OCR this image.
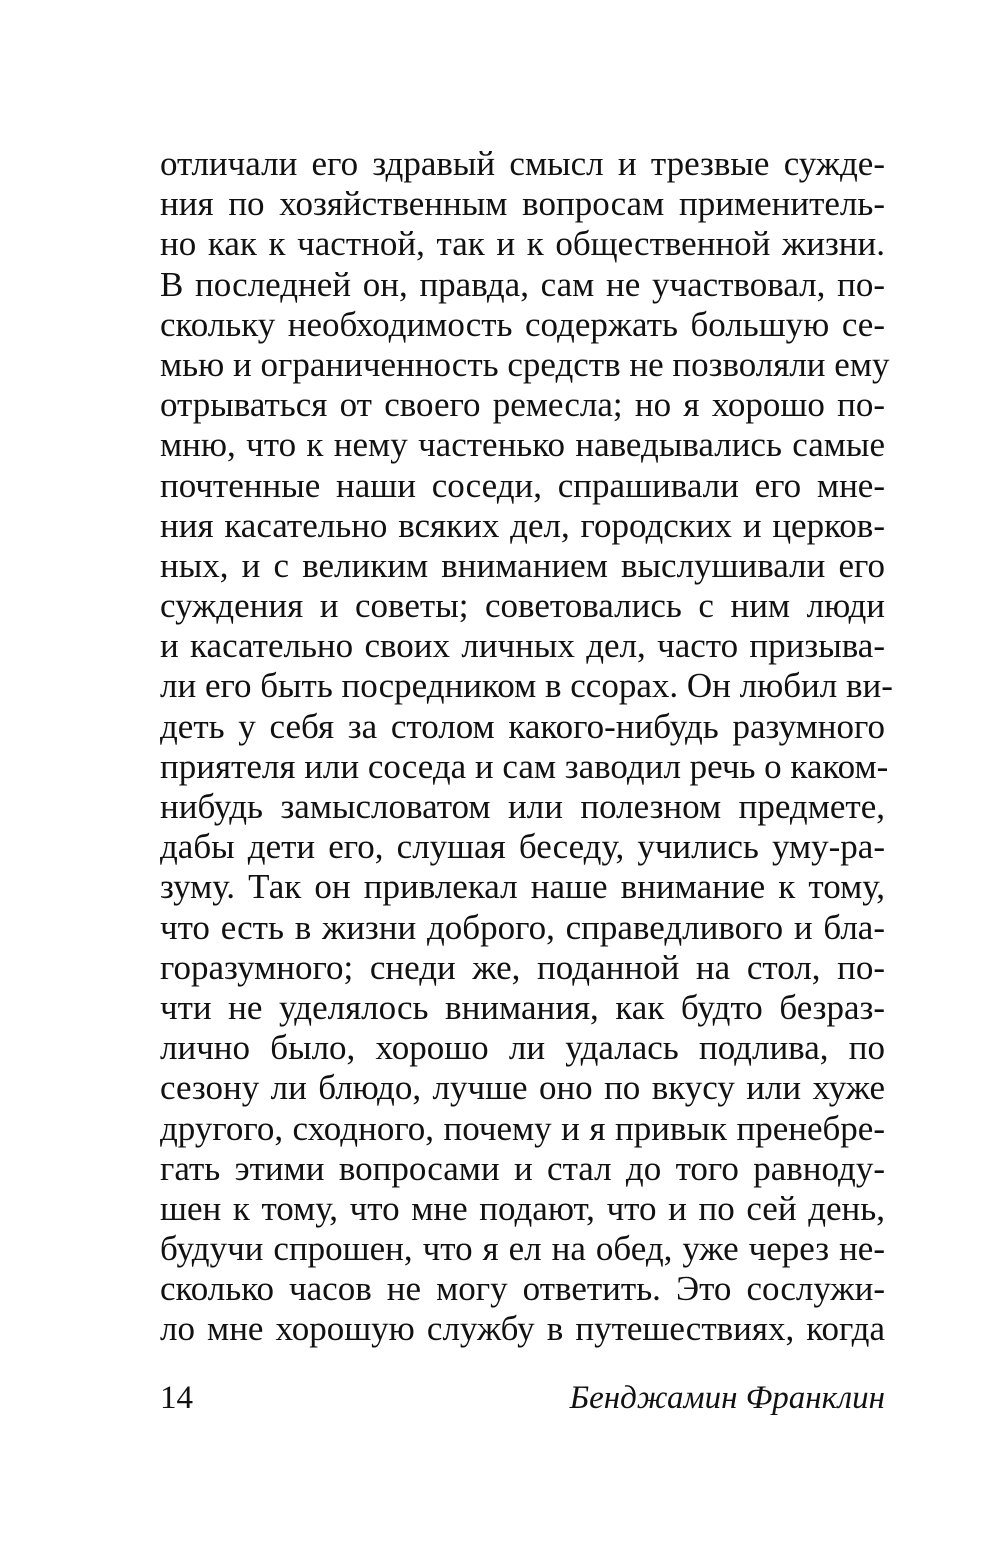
отличали его здравый смысл и трезвые сужде-
ния по хозяйственным вопросам применитель-
но как к частной, так и к общественной жизни.
В последней он, правда, сам не участвовал, по-
скольку необходимость содержать большую се-
мью и ограниченность средств не позволяли ему
отрываться от своего ремесла; но я хорошо по-
мню, что к нему частенько наведывались самые
почтенные наши соседи, спрашивали его мне-
ния касательно всяких дел, городских и церков-
ных, и с великим вниманием выслушивали его
суждения и советы; советовались с ним люди
и касательно своих личных дел, часто призыва-
ли его быть посредником в ссорах. Он любил ви-
деть у себя за столом какого-нибудь разумного
приятеля или соседа и сам заводил речь о каком-
нибудь замысловатом или полезном предмете,
дабы дети его, слушая беседу, учились уму-ра-
зуму. Так он привлекал наше внимание к тому,
что есть в жизни доброго, справедливого и бла-
горазумного; снеди же, поданной на стол, по-
чти не уделялось внимания, как будто безраз-
лично было, хорошо ли удалась подлива, по
сезону ли блюдо, лучше оно по вкусу или хуже
другого, сходного, почему и я привык пренебре-
гать этими вопросами и стал до того равноду-
шен к тому, что мне подают, что и по сей день,
будучи спрошен, что я ел на обед, уже через не-
сколько часов не могу ответить. Это сослужи-
ло мне хорошую службу в путешествиях, когда
14	Бенджамин Франклин
